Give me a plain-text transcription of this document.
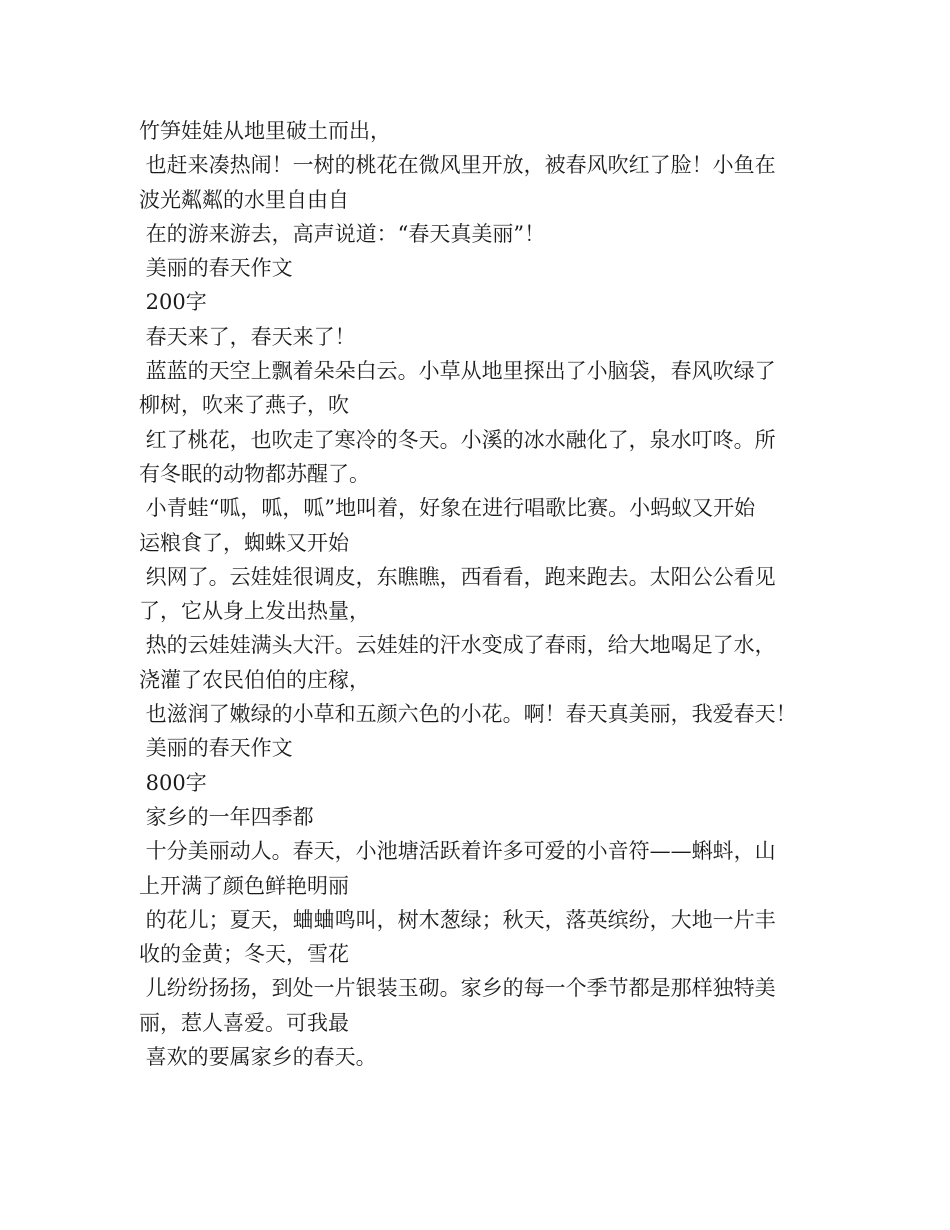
竹笋娃娃从地里破土而出，
也赶来凑热闹！一树的桃花在微风里开放，被春风吹红了脸！小鱼在
波光粼粼的水里自由自
在的游来游去，高声说道：“春天真美丽”！
美丽的春天作文
200字
春天来了，春天来了！
蓝蓝的天空上飘着朵朵白云。小草从地里探出了小脑袋，春风吹绿了
柳树，吹来了燕子，吹
红了桃花，也吹走了寒冷的冬天。小溪的冰水融化了，泉水叮咚。所
有冬眠的动物都苏醒了。
小青蛙“呱，呱，呱”地叫着，好象在进行唱歌比赛。小蚂蚁又开始
运粮食了，蜘蛛又开始
织网了。云娃娃很调皮，东瞧瞧，西看看，跑来跑去。太阳公公看见
了，它从身上发出热量，
热的云娃娃满头大汗。云娃娃的汗水变成了春雨，给大地喝足了水，
浇灌了农民伯伯的庄稼，
也滋润了嫩绿的小草和五颜六色的小花。啊！春天真美丽，我爱春天！
美丽的春天作文
800字
家乡的一年四季都
十分美丽动人。春天，小池塘活跃着许多可爱的小音符——蝌蚪，山
上开满了颜色鲜艳明丽
的花儿；夏天，蛐蛐鸣叫，树木葱绿；秋天，落英缤纷，大地一片丰
收的金黄；冬天，雪花
儿纷纷扬扬，到处一片银装玉砌。家乡的每一个季节都是那样独特美
丽，惹人喜爱。可我最
喜欢的要属家乡的春天。
